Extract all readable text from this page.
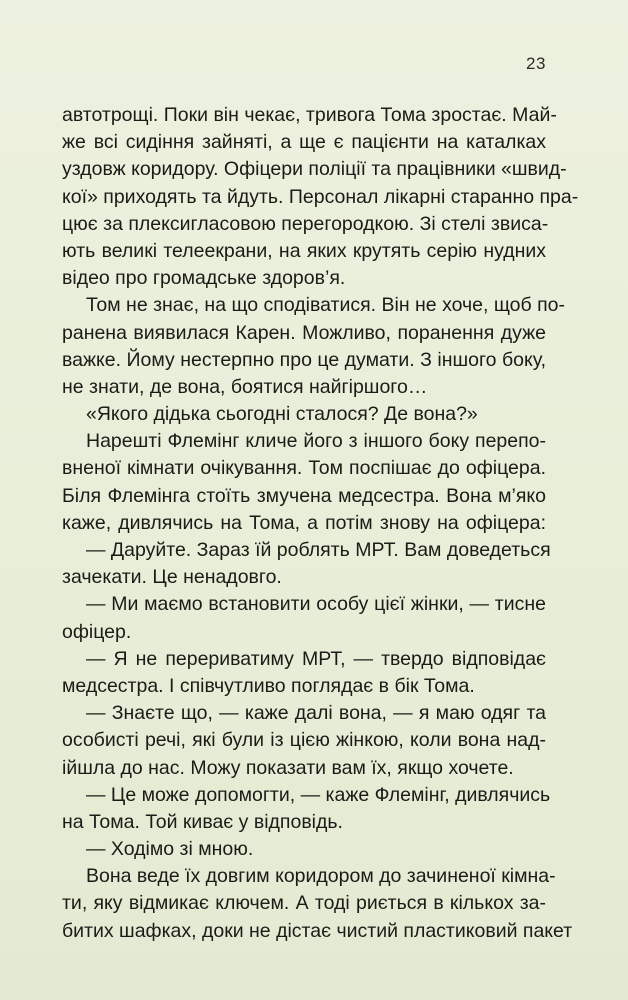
23
автотрощі. Поки він чекає, тривога Тома зростає. Май-
же всі сидіння зайняті, а ще є пацієнти на каталках
уздовж коридору. Офіцери поліції та працівники «швид-
кої» приходять та йдуть. Персонал лікарні старанно пра-
цює за плексигласовою перегородкою. Зі стелі звиса-
ють великі телеекрани, на яких крутять серію нудних
відео про громадське здоров’я.
Том не знає, на що сподіватися. Він не хоче, щоб по-
ранена виявилася Карен. Можливо, поранення дуже
важке. Йому нестерпно про це думати. З іншого боку,
не знати, де вона, боятися найгіршого…
«Якого дідька сьогодні сталося? Де вона?»
Нарешті Флемінг кличе його з іншого боку перепо-
вненої кімнати очікування. Том поспішає до офіцера.
Біля Флемінга стоїть змучена медсестра. Вона м’яко
каже, дивлячись на Тома, а потім знову на офіцера:
— Даруйте. Зараз їй роблять МРТ. Вам доведеться
зачекати. Це ненадовго.
— Ми маємо встановити особу цієї жінки, — тисне
офіцер.
— Я не перериватиму МРТ, — твердо відповідає
медсестра. І співчутливо поглядає в бік Тома.
— Знаєте що, — каже далі вона, — я маю одяг та
особисті речі, які були із цією жінкою, коли вона над-
ійшла до нас. Можу показати вам їх, якщо хочете.
— Це може допомогти, — каже Флемінг, дивлячись
на Тома. Той киває у відповідь.
— Ходімо зі мною.
Вона веде їх довгим коридором до зачиненої кімна-
ти, яку відмикає ключем. А тоді риється в кількох за-
битих шафках, доки не дістає чистий пластиковий пакет
